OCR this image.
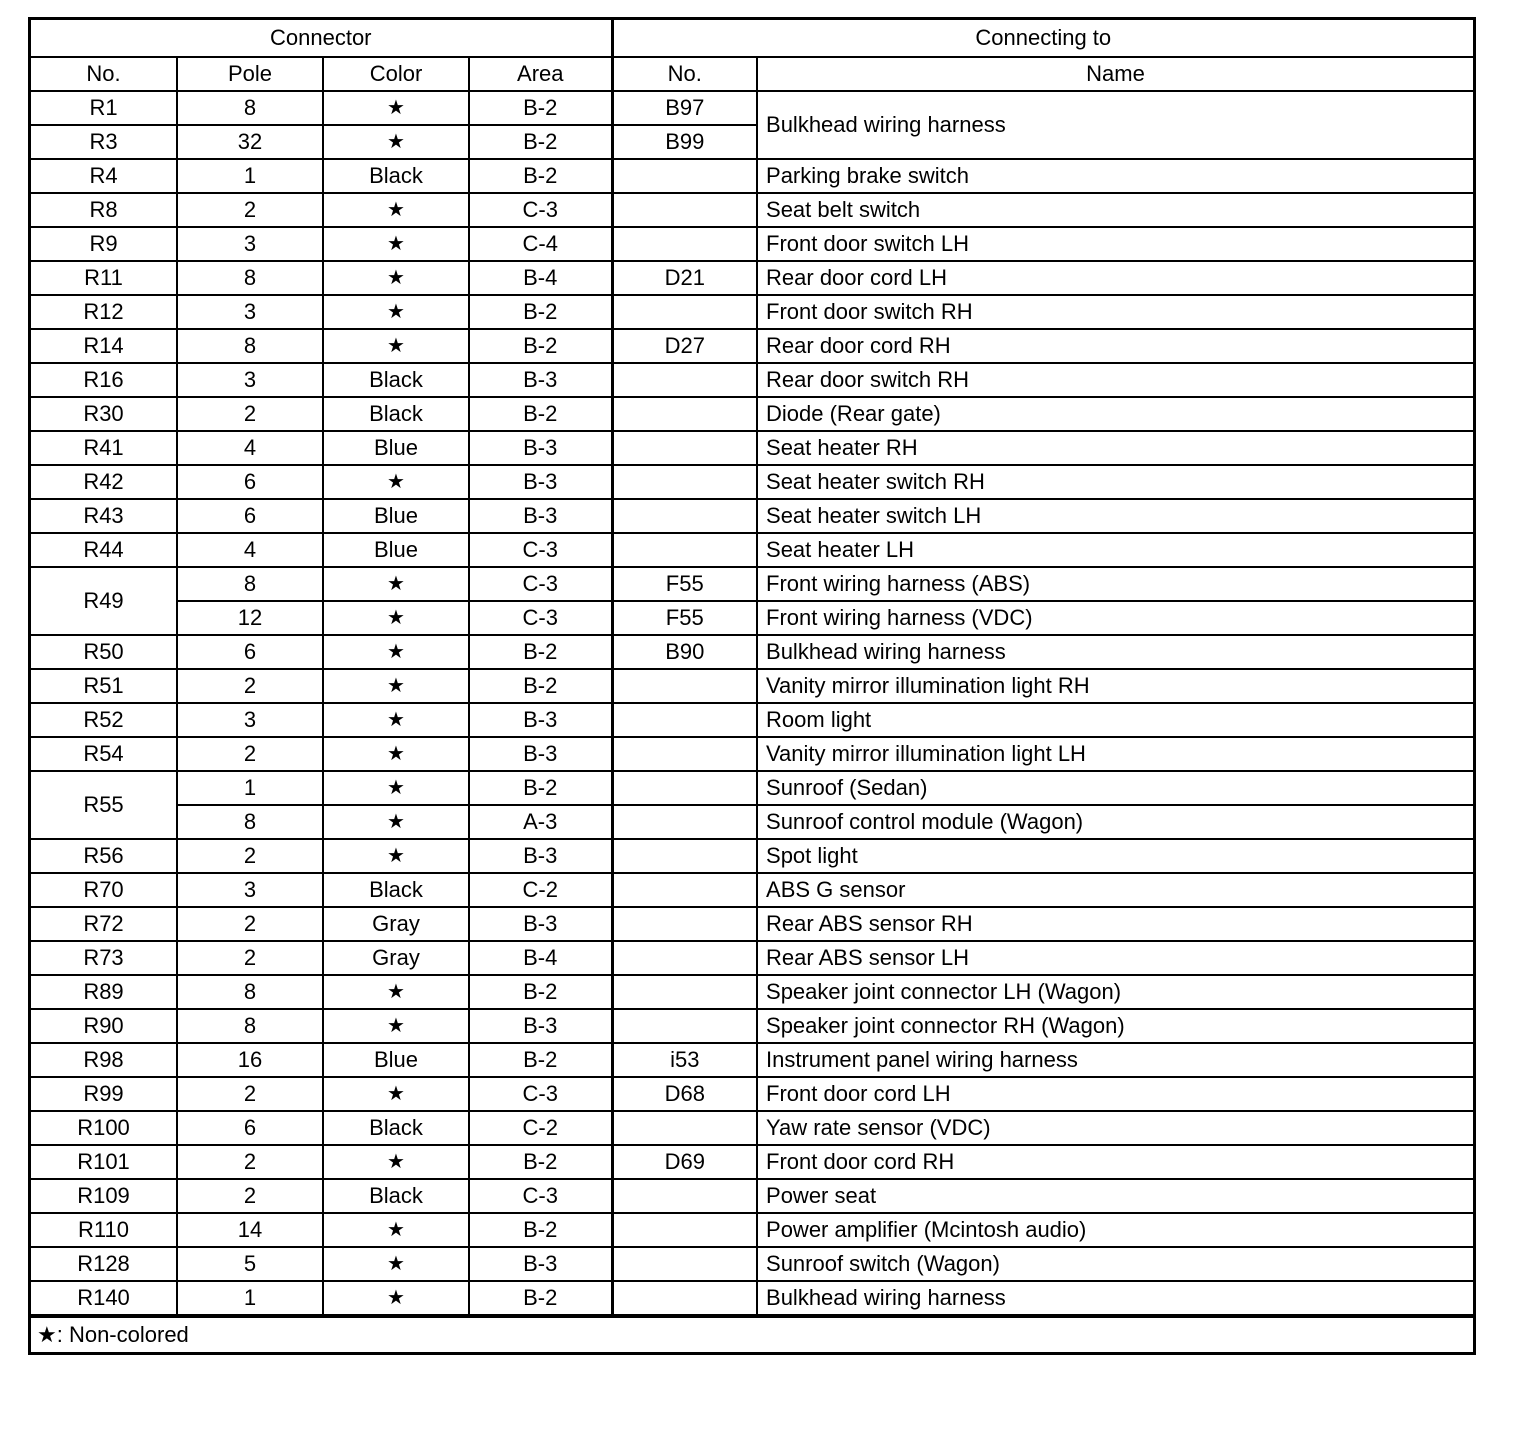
Connector				Connecting to	
No.	Pole	Color	Area	No.	Name
R1	8	★	B-2	B97	Bulkhead wiring harness
R3	32	★	B-2	B99	
R4	1	Black	B-2		Parking brake switch
R8	2	★	C-3		Seat belt switch
R9	3	★	C-4		Front door switch LH
R11	8	★	B-4	D21	Rear door cord LH
R12	3	★	B-2		Front door switch RH
R14	8	★	B-2	D27	Rear door cord RH
R16	3	Black	B-3		Rear door switch RH
R30	2	Black	B-2		Diode (Rear gate)
R41	4	Blue	B-3		Seat heater RH
R42	6	★	B-3		Seat heater switch RH
R43	6	Blue	B-3		Seat heater switch LH
R44	4	Blue	C-3		Seat heater LH
R49	8	★	C-3	F55	Front wiring harness (ABS)
	12	★	C-3	F55	Front wiring harness (VDC)
R50	6	★	B-2	B90	Bulkhead wiring harness
R51	2	★	B-2		Vanity mirror illumination light RH
R52	3	★	B-3		Room light
R54	2	★	B-3		Vanity mirror illumination light LH
R55	1	★	B-2		Sunroof (Sedan)
	8	★	A-3		Sunroof control module (Wagon)
R56	2	★	B-3		Spot light
R70	3	Black	C-2		ABS G sensor
R72	2	Gray	B-3		Rear ABS sensor RH
R73	2	Gray	B-4		Rear ABS sensor LH
R89	8	★	B-2		Speaker joint connector LH (Wagon)
R90	8	★	B-3		Speaker joint connector RH (Wagon)
R98	16	Blue	B-2	i53	Instrument panel wiring harness
R99	2	★	C-3	D68	Front door cord LH
R100	6	Black	C-2		Yaw rate sensor (VDC)
R101	2	★	B-2	D69	Front door cord RH
R109	2	Black	C-3		Power seat
R110	14	★	B-2		Power amplifier (Mcintosh audio)
R128	5	★	B-3		Sunroof switch (Wagon)
R140	1	★	B-2		Bulkhead wiring harness
★: Non-colored
